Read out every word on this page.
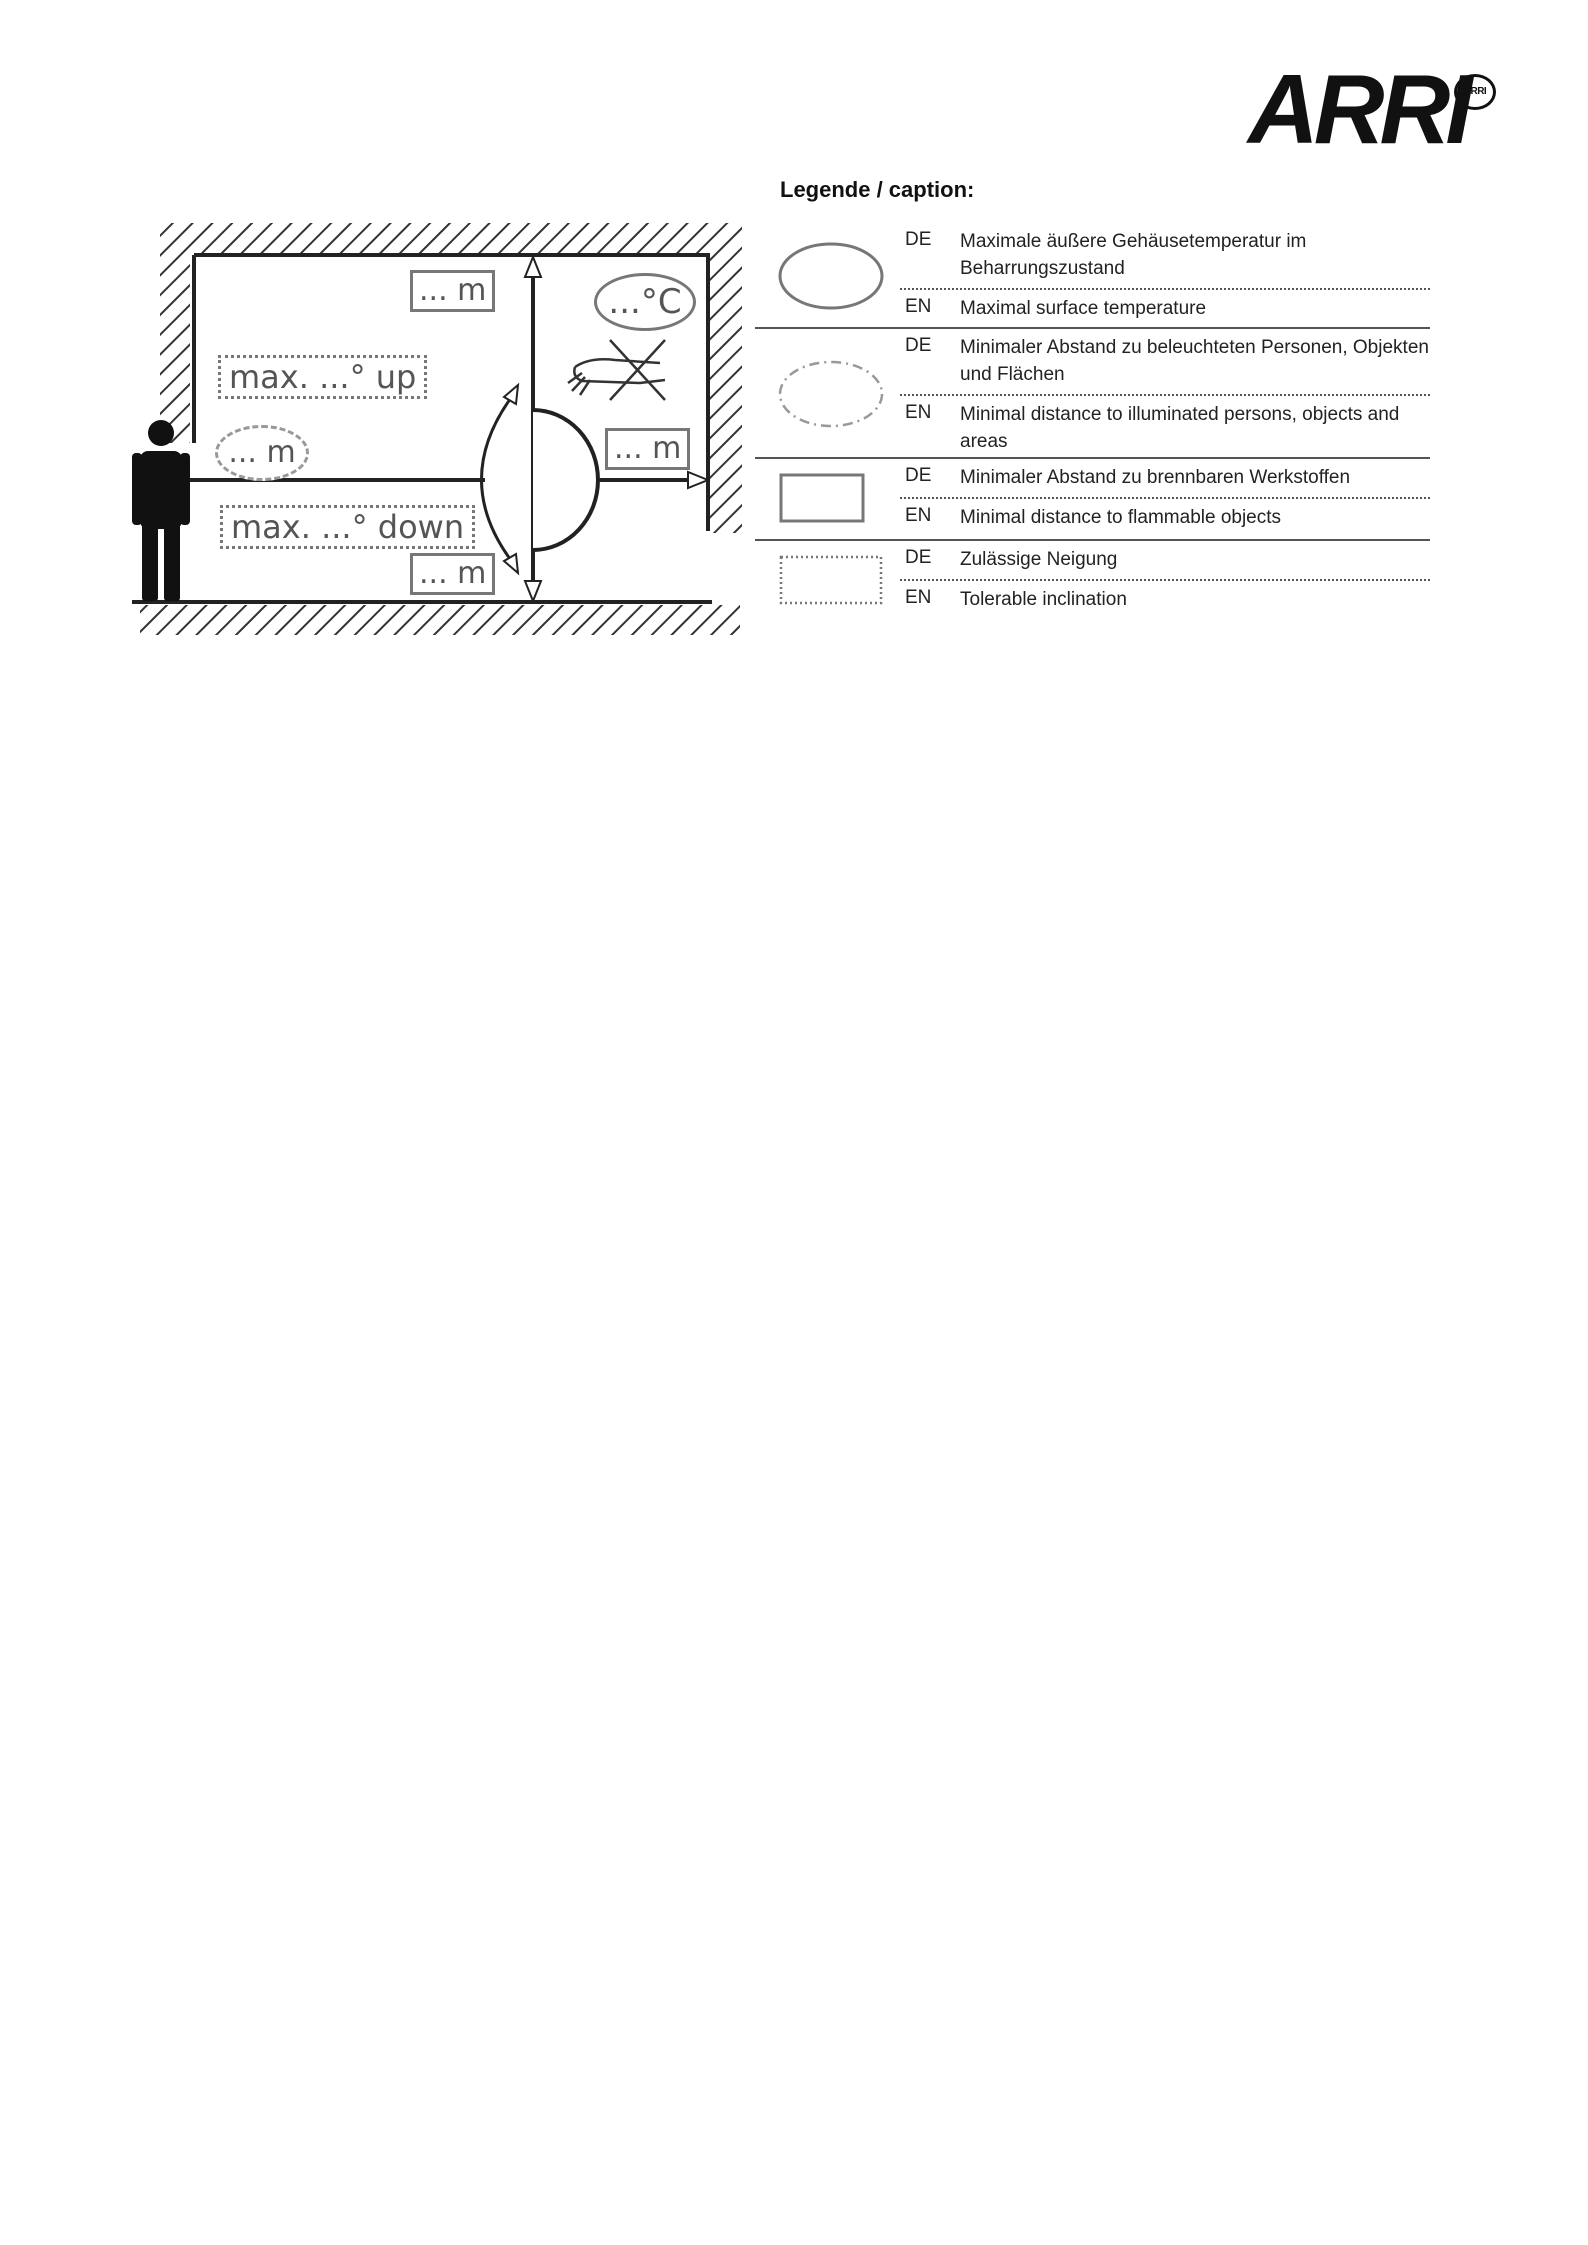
ARRI
ARRI
... m	...°C
max. ...° up
... m	... m
max. ...° down
... m
Legende / caption:
DE Maximale äußere Gehäusetemperatur im Beharrungszustand
EN Maximal surface temperature
DE Minimaler Abstand zu beleuchteten Personen, Objekten und Flächen
EN Minimal distance to illuminated persons, objects and areas
DE Minimaler Abstand zu brennbaren Werkstoffen
EN Minimal distance to flammable objects
DE Zulässige Neigung
EN Tolerable inclination
